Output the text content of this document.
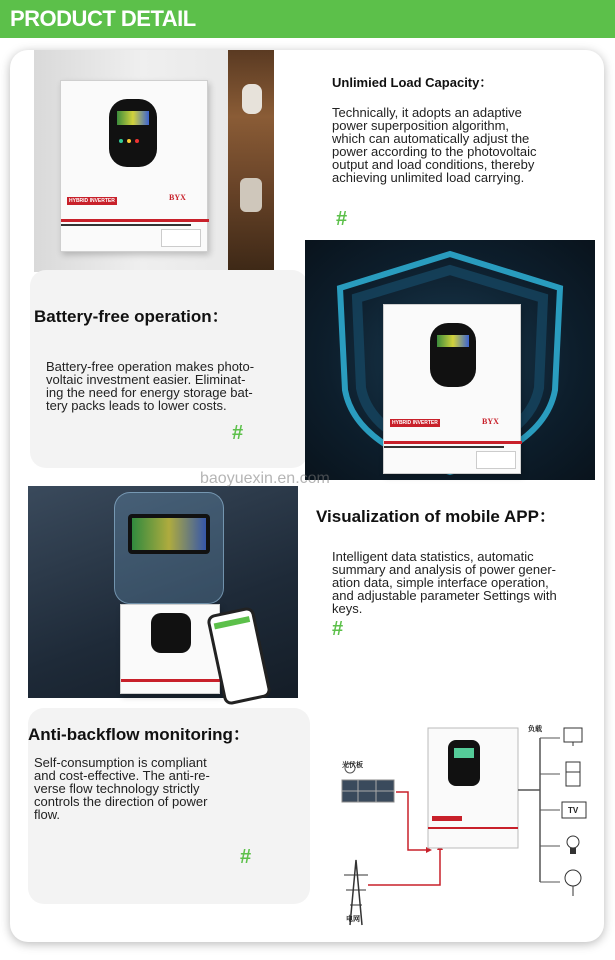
PRODUCT DETAIL
HYBRID INVERTER	BYX
Unlimied Load Capacity：
Technically, it adopts an adaptive
power superposition algorithm,
which can automatically adjust the
power according to the photovoltaic
output and load conditions, thereby
achieving unlimited load carrying.
#
Battery-free operation：
Battery-free operation makes photo-
voltaic investment easier. Eliminat-
ing the need for energy storage bat-
tery packs leads to lower costs.
#	HYBRID INVERTER	BYX
baoyuexin.en.com
Visualization of mobile APP：
Intelligent data statistics, automatic
summary and analysis of power gener-
ation data, simple interface operation,
and adjustable parameter Settings with
keys.
#
Anti-backflow monitoring：
Self-consumption is compliant
and cost-effective. The anti-re-
verse flow technology strictly
controls the direction of power
flow.
#
光伏板
电网
负载
TV
